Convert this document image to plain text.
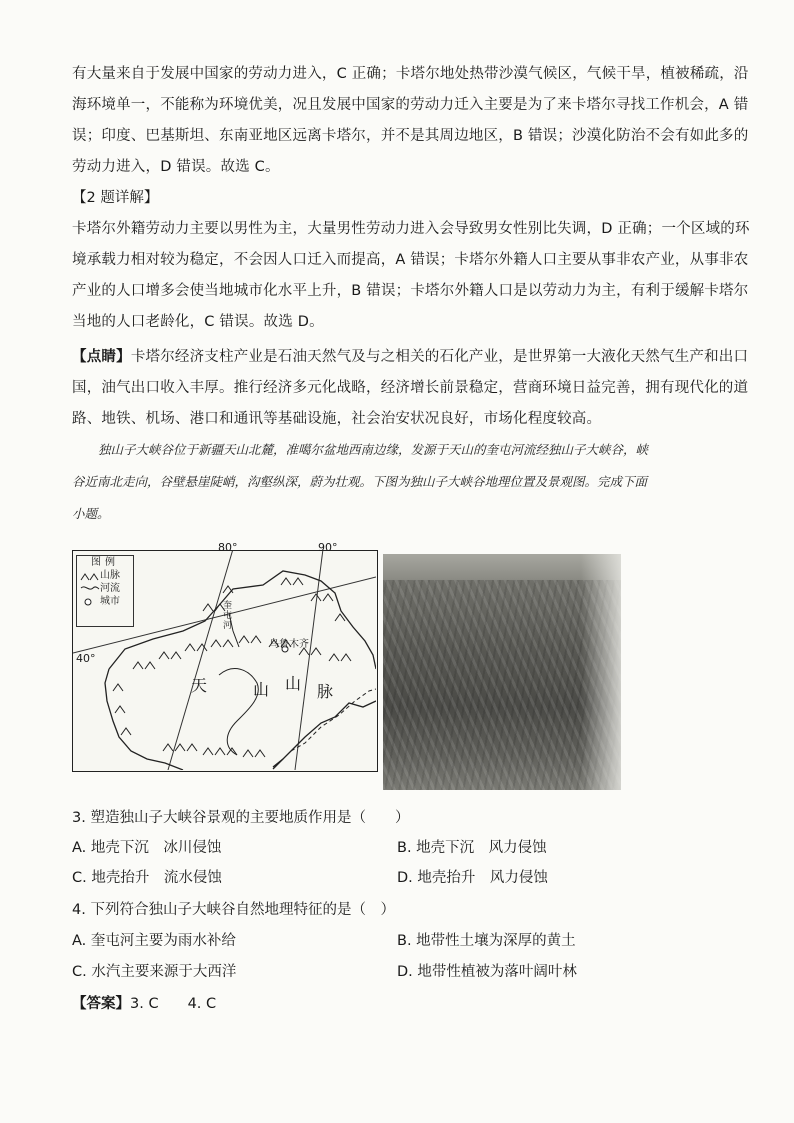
有大量来自于发展中国家的劳动力进入，C 正确；卡塔尔地处热带沙漠气候区，气候干旱，植被稀疏，沿
海环境单一，不能称为环境优美，况且发展中国家的劳动力迁入主要是为了来卡塔尔寻找工作机会，A 错
误；印度、巴基斯坦、东南亚地区远离卡塔尔，并不是其周边地区，B 错误；沙漠化防治不会有如此多的
劳动力进入，D 错误。故选 C。
【2 题详解】
卡塔尔外籍劳动力主要以男性为主，大量男性劳动力进入会导致男女性别比失调，D 正确；一个区域的环
境承载力相对较为稳定，不会因人口迁入而提高，A 错误；卡塔尔外籍人口主要从事非农产业，从事非农
产业的人口增多会使当地城市化水平上升，B 错误；卡塔尔外籍人口是以劳动力为主，有利于缓解卡塔尔
当地的人口老龄化，C 错误。故选 D。
【点睛】卡塔尔经济支柱产业是石油天然气及与之相关的石化产业，是世界第一大液化天然气生产和出口
国，油气出口收入丰厚。推行经济多元化战略，经济增长前景稳定，营商环境日益完善，拥有现代化的道
路、地铁、机场、港口和通讯等基础设施，社会治安状况良好，市场化程度较高。
独山子大峡谷位于新疆天山北麓，准噶尔盆地西南边缘，发源于天山的奎屯河流经独山子大峡谷，峡
谷近南北走向，谷壁悬崖陡峭，沟壑纵深，蔚为壮观。下图为独山子大峡谷地理位置及景观图。完成下面
小题。
乌鲁木齐
奎屯河
天	山 山 脉
80°	90°
40°
图例
山脉
河流
城市
3. 塑造独山子大峡谷景观的主要地质作用是（　　）
A. 地壳下沉　冰川侵蚀	B. 地壳下沉　风力侵蚀
C. 地壳抬升　流水侵蚀	D. 地壳抬升　风力侵蚀
4. 下列符合独山子大峡谷自然地理特征的是（　）
A. 奎屯河主要为雨水补给	B. 地带性土壤为深厚的黄土
C. 水汽主要来源于大西洋	D. 地带性植被为落叶阔叶林
【答案】3. C　　4. C
